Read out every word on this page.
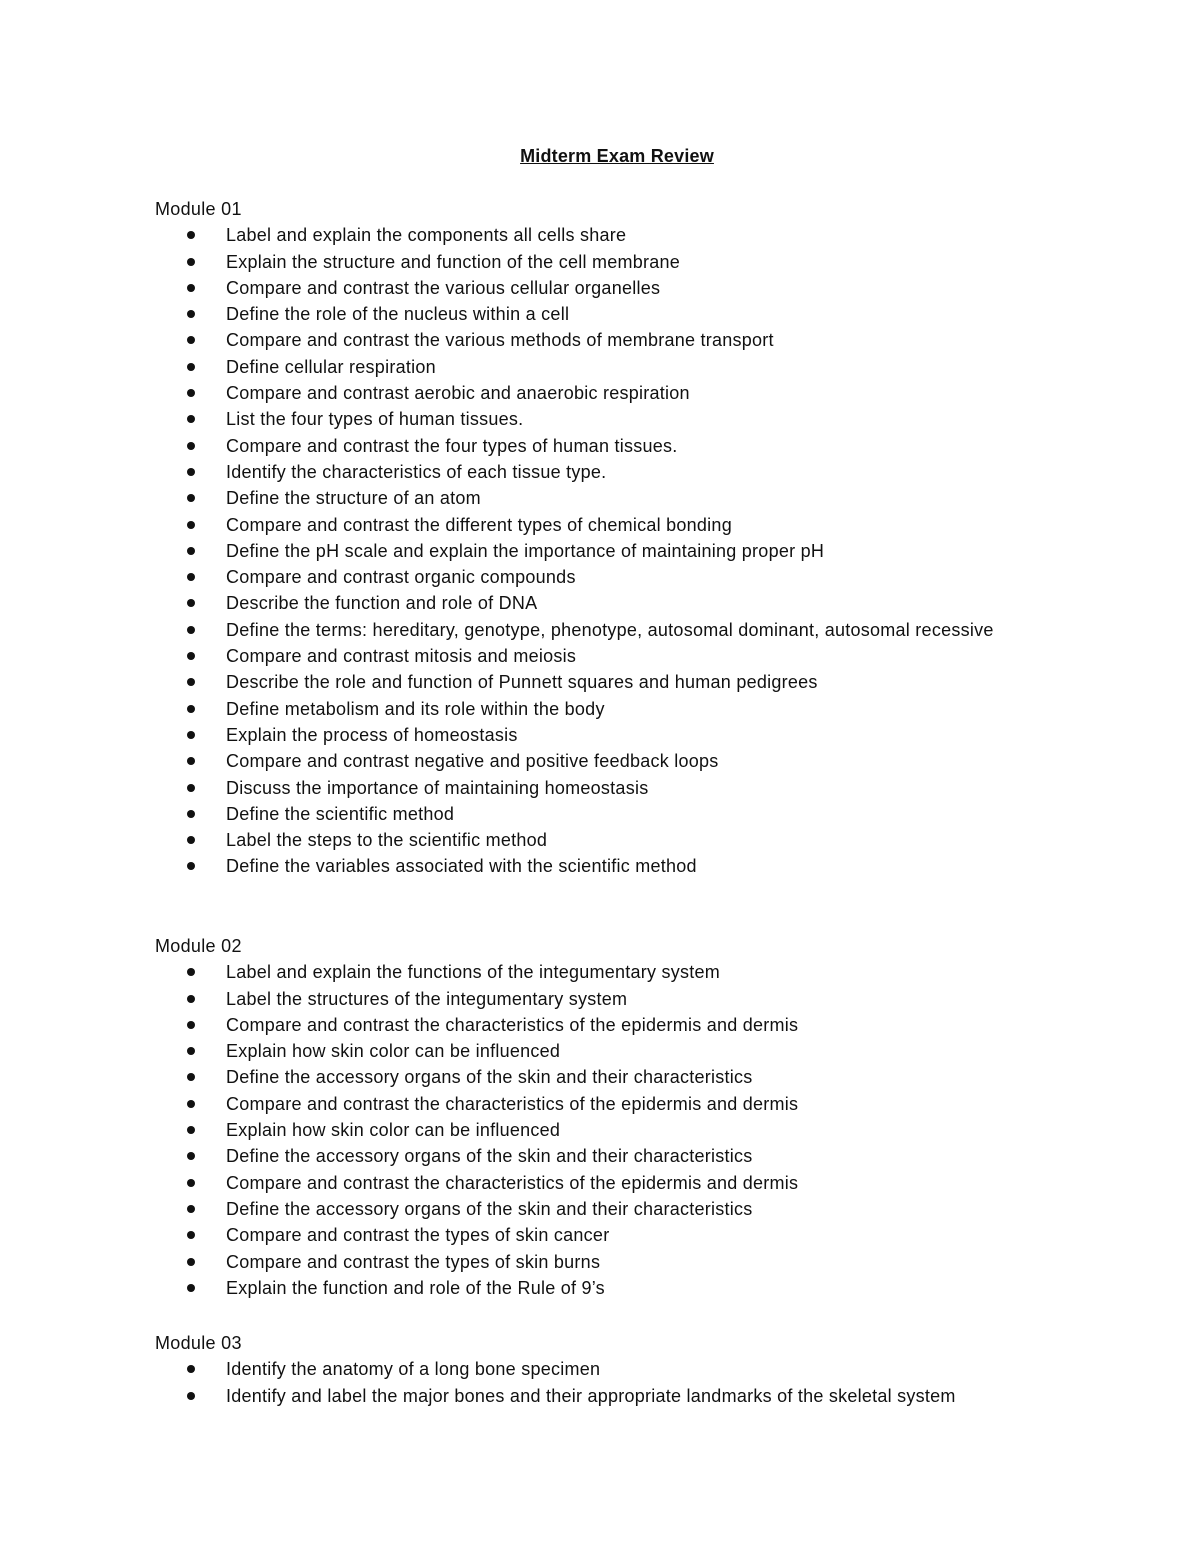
Midterm Exam Review
Module 01
Label and explain the components all cells share
Explain the structure and function of the cell membrane
Compare and contrast the various cellular organelles
Define the role of the nucleus within a cell
Compare and contrast the various methods of membrane transport
Define cellular respiration
Compare and contrast aerobic and anaerobic respiration
List the four types of human tissues.
Compare and contrast the four types of human tissues.
Identify the characteristics of each tissue type.
Define the structure of an atom
Compare and contrast the different types of chemical bonding
Define the pH scale and explain the importance of maintaining proper pH
Compare and contrast organic compounds
Describe the function and role of DNA
Define the terms: hereditary, genotype, phenotype, autosomal dominant, autosomal recessive
Compare and contrast mitosis and meiosis
Describe the role and function of Punnett squares and human pedigrees
Define metabolism and its role within the body
Explain the process of homeostasis
Compare and contrast negative and positive feedback loops
Discuss the importance of maintaining homeostasis
Define the scientific method
Label the steps to the scientific method
Define the variables associated with the scientific method
Module 02
Label and explain the functions of the integumentary system
Label the structures of the integumentary system
Compare and contrast the characteristics of the epidermis and dermis
Explain how skin color can be influenced
Define the accessory organs of the skin and their characteristics
Compare and contrast the characteristics of the epidermis and dermis
Explain how skin color can be influenced
Define the accessory organs of the skin and their characteristics
Compare and contrast the characteristics of the epidermis and dermis
Define the accessory organs of the skin and their characteristics
Compare and contrast the types of skin cancer
Compare and contrast the types of skin burns
Explain the function and role of the Rule of 9’s
Module 03
Identify the anatomy of a long bone specimen
Identify and label the major bones and their appropriate landmarks of the skeletal system
